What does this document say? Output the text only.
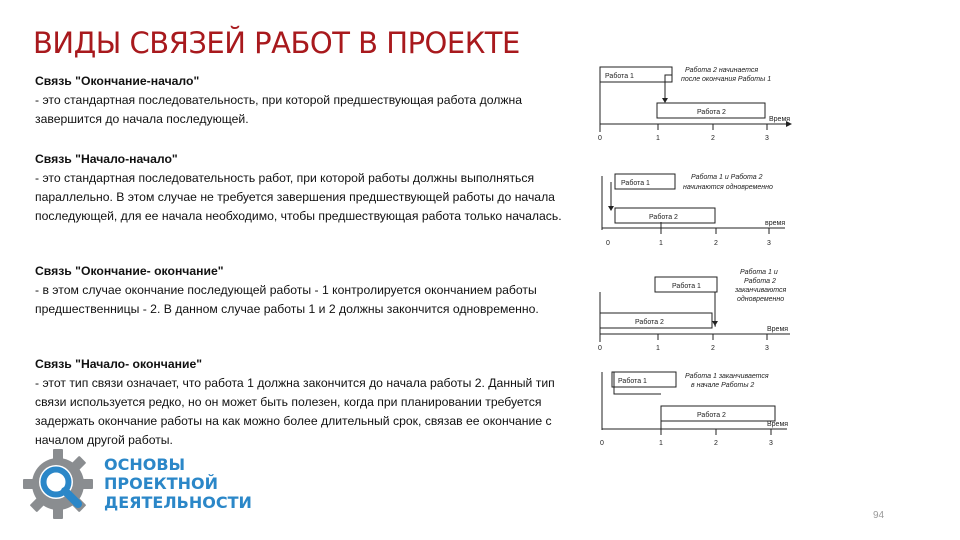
ВИДЫ СВЯЗЕЙ РАБОТ В ПРОЕКТЕ
Связь "Окончание-начало"
- это стандартная последовательность, при которой предшествующая работа должна завершится до начала последующей.
Связь "Начало-начало"
- это стандартная последовательность работ, при которой работы должны выполняться параллельно. В этом случае не требуется завершения предшествующей работы до начала последующей, для ее начала необходимо, чтобы предшествующая работа только началась.
Связь "Окончание- окончание"
- в этом случае окончание последующей работы - 1 контролируется окончанием работы предшественницы - 2. В данном случае работы 1 и 2 должны закончится одновременно.
Связь "Начало- окончание"
- этот тип связи означает, что работа 1 должна закончится до начала работы 2. Данный тип связи используется редко, но он может быть полезен, когда при планировании требуется задержать окончание работы на как можно более длительный срок, связав ее окончание с началом другой работы.
Работа 1
Работа 2
Работа 2 начинается
после окончания Работы 1
Время
0	1	2	3
Работа 1
Работа 2
Работа 1 и Работа 2
начинаются одновременно
время
0	1	2	3
Работа 1
Работа 2
Работа 1 и
Работа 2
заканчиваются
одновременно
Время
0	1	2	3
Работа 1
Работа 2
Работа 1 заканчивается
в начале Работы 2
Время
0	1	2	3
ОСНОВЫ
ПРОЕКТНОЙ
ДЕЯТЕЛЬНОСТИ
94
